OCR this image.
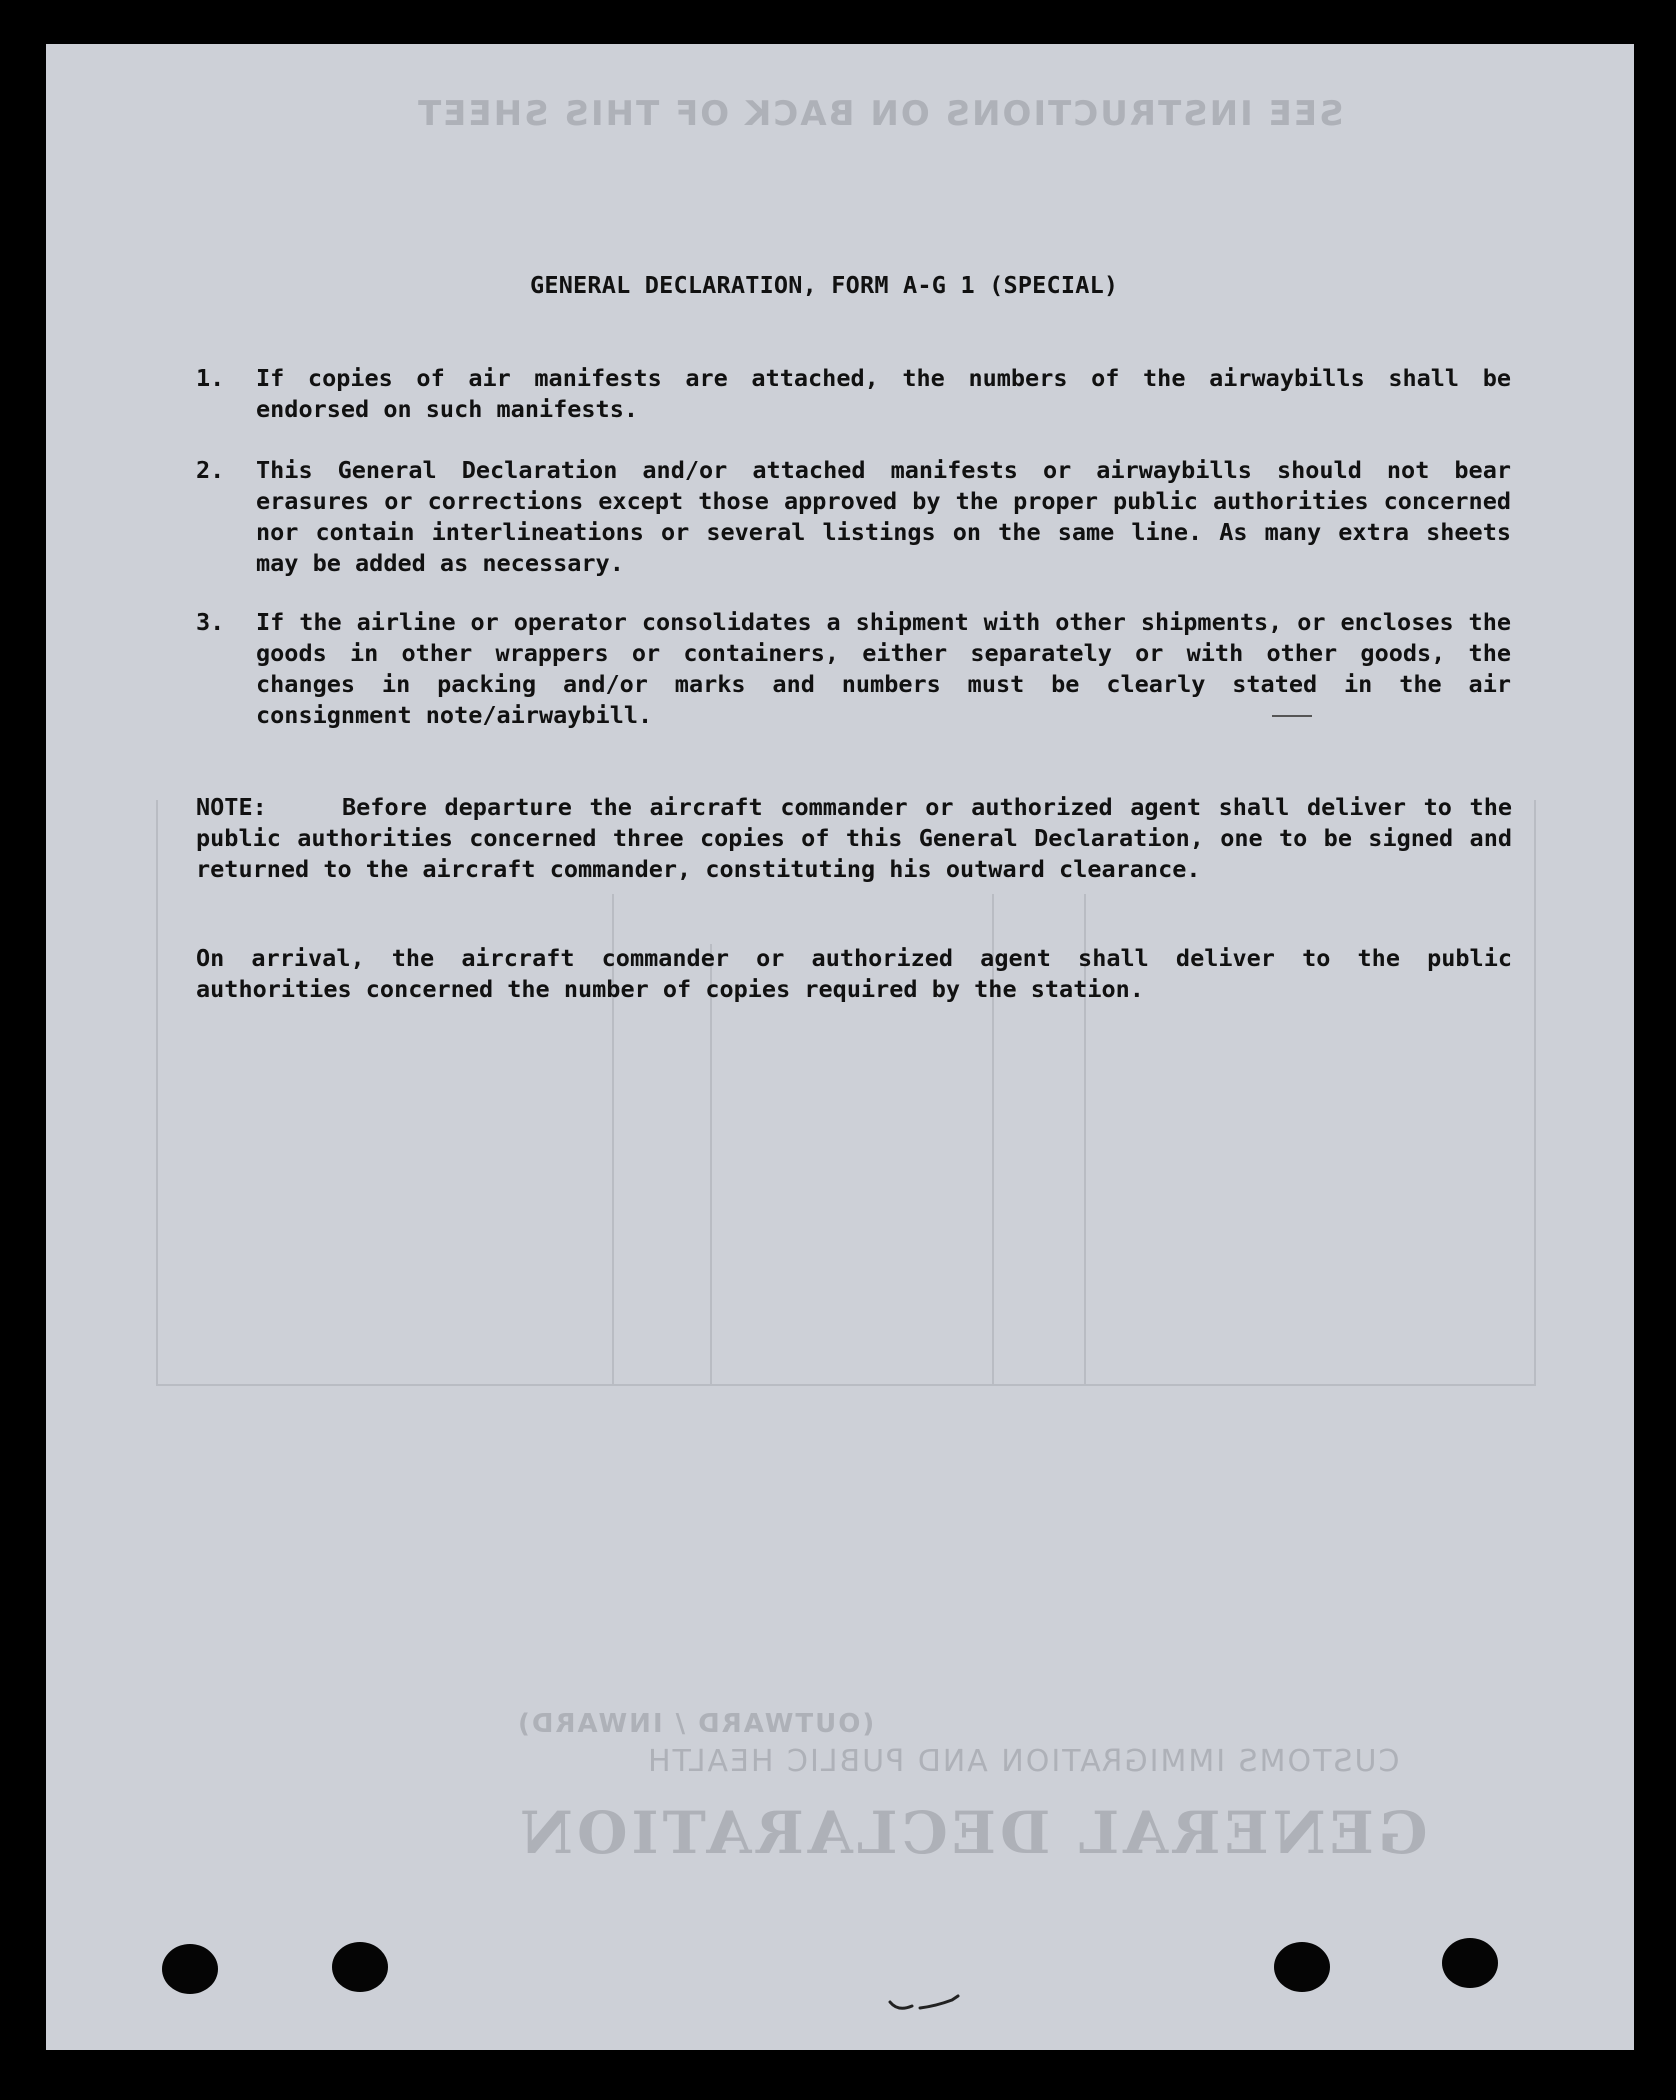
SEE INSTRUCTIONS ON BACK OF THIS SHEET
(OUTWARD / INWARD)
CUSTOMS IMMIGRATION AND PUBLIC HEALTH
GENERAL DECLARATION
GENERAL DECLARATION, FORM A-G 1 (SPECIAL)
1.	If copies of air manifests are attached, the numbers of the airwaybills shall be endorsed on such manifests.
2.	This General Declaration and/or attached manifests or airwaybills should not bear erasures or corrections except those approved by the proper public authorities concerned nor contain interlineations or several listings on the same line. As many extra sheets may be added as necessary.
3.	If the airline or operator consolidates a shipment with other shipments, or encloses the goods in other wrappers or containers, either separately or with other goods, the changes in packing and/or marks and numbers must be clearly stated in the air consignment note/airwaybill.
NOTE:	Before departure the aircraft commander or authorized agent shall deliver to the public authorities concerned three copies of this General Declaration, one to be signed and returned to the aircraft commander, constituting his outward clearance.
On arrival, the aircraft commander or authorized agent shall deliver to the public authorities concerned the number of copies required by the station.
